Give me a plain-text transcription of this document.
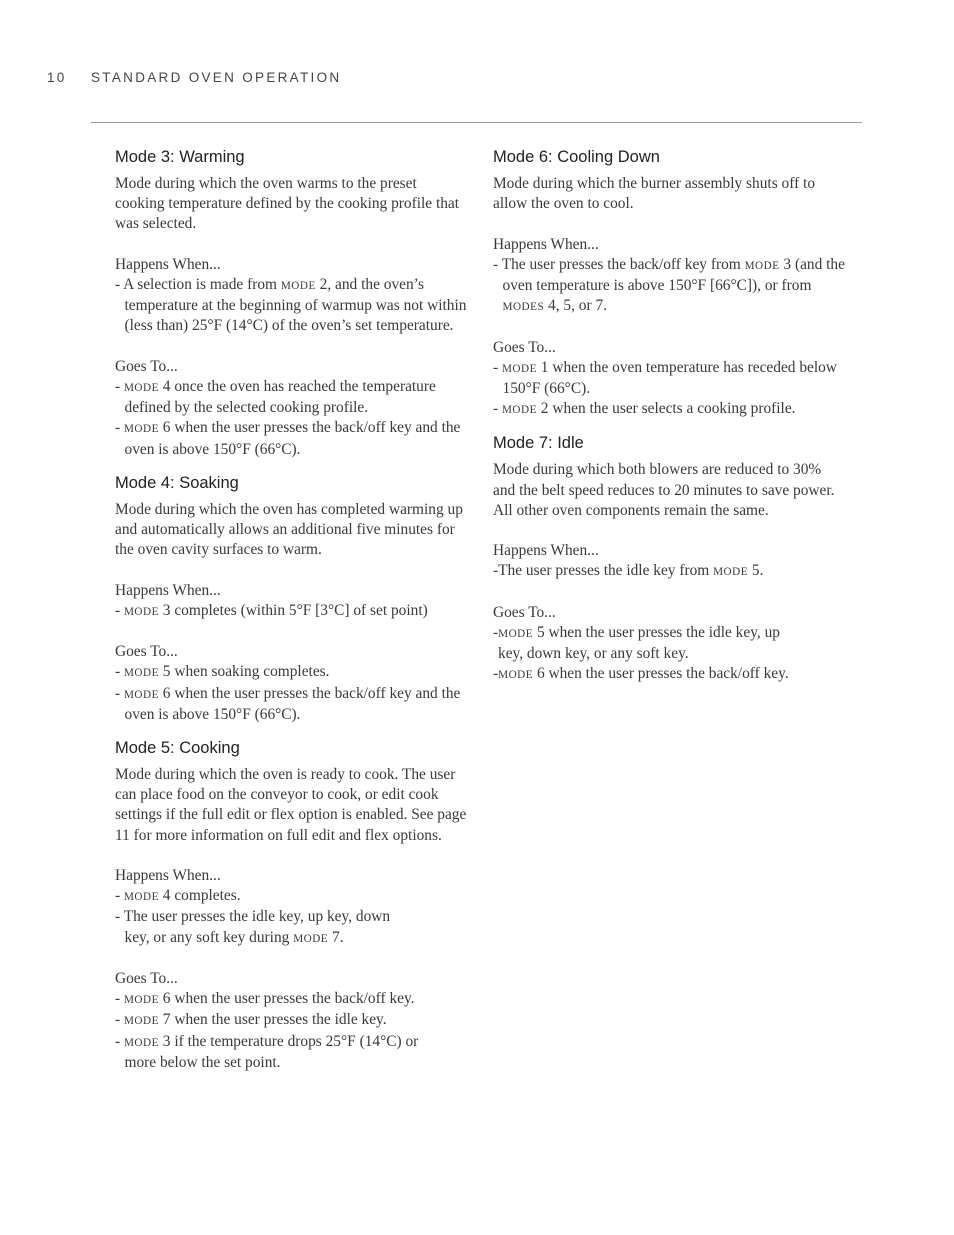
10 STANDARD OVEN OPERATION
Mode 3: Warming

Mode during which the oven warms to the preset cooking temperature defined by the cooking profile that was selected.

Happens When...

- A selection is made from MODE 2, and the oven’s temperature at the beginning of warmup was not within (less than) 25°F (14°C) of the oven’s set temperature.

Goes To...

- MODE 4 once the oven has reached the temperature defined by the selected cooking profile.

- MODE 6 when the user presses the back/off key and the oven is above 150°F (66°C).

Mode 4: Soaking

Mode during which the oven has completed warming up and automatically allows an additional five minutes for the oven cavity surfaces to warm.

Happens When...

- MODE 3 completes (within 5°F [3°C] of set point)

Goes To...

- MODE 5 when soaking completes.

- MODE 6 when the user presses the back/off key and the oven is above 150°F (66°C).

Mode 5: Cooking

Mode during which the oven is ready to cook. The user can place food on the conveyor to cook, or edit cook settings if the full edit or flex option is enabled. See page 11 for more information on full edit and flex options.

Happens When...

- MODE 4 completes.

- The user presses the idle key, up key, down key, or any soft key during MODE 7.

Goes To...

- MODE 6 when the user presses the back/off key.

- MODE 7 when the user presses the idle key.

- MODE 3 if the temperature drops 25°F (14°C) or more below the set point.

Mode 6: Cooling Down

Mode during which the burner assembly shuts off to allow the oven to cool.

Happens When...

- The user presses the back/off key from MODE 3 (and the oven temperature is above 150°F [66°C]), or from MODES 4, 5, or 7.

Goes To...

- MODE 1 when the oven temperature has receded below 150°F (66°C).

- MODE 2 when the user selects a cooking profile.

Mode 7: Idle

Mode during which both blowers are reduced to 30% and the belt speed reduces to 20 minutes to save power. All other oven components remain the same.

Happens When...

-The user presses the idle key from MODE 5.

Goes To...

-MODE 5 when the user presses the idle key, up key, down key, or any soft key.

-MODE 6 when the user presses the back/off key.
